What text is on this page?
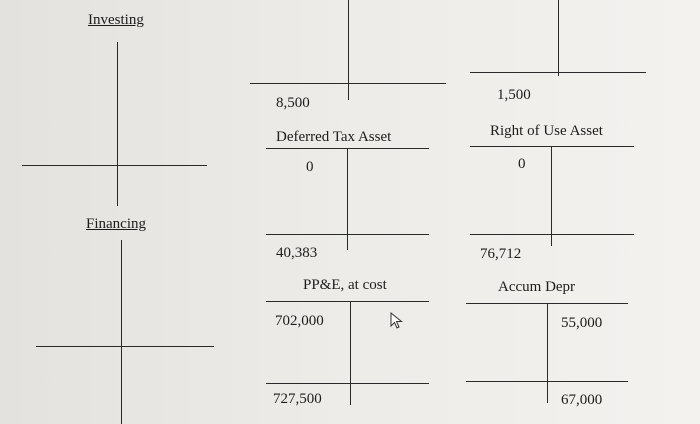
Investing
Financing
8,500	1,500
Deferred Tax Asset
0
40,383
Right of Use Asset
0
76,712
PP&E, at cost
702,000
727,500
Accum Depr
55,000
67,000
